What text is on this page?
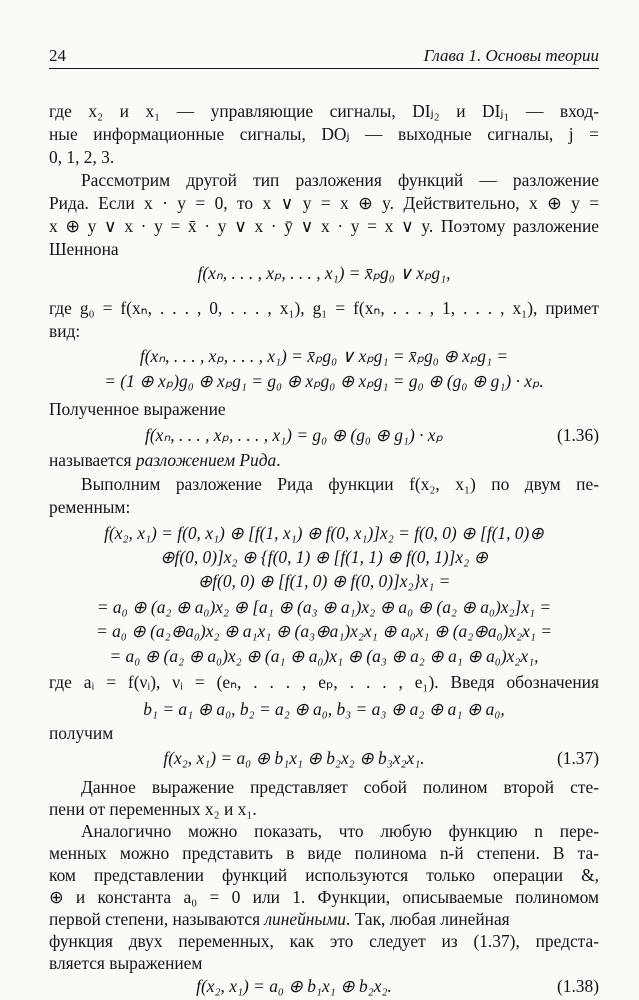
24	Глава 1. Основы теории

где x₂ и x₁ — управляющие сигналы, DIⱼ₂ и DIⱼ₁ — вход-

ные информационные сигналы, DOⱼ — выходные сигналы, j =

0, 1, 2, 3.

Рассмотрим другой тип разложения функций — разложение

Рида. Если x · y = 0, то x ∨ y = x ⊕ y. Действительно, x ⊕ y =

x ⊕ y ∨ x · y = x̄ · y ∨ x · ȳ ∨ x · y = x ∨ y. Поэтому разложение

Шеннона

f(xₙ, . . . , xₚ, . . . , x₁) = x̄ₚg₀ ∨ xₚg₁,

где g₀ = f(xₙ, . . . , 0, . . . , x₁), g₁ = f(xₙ, . . . , 1, . . . , x₁), примет

вид:

f(xₙ, . . . , xₚ, . . . , x₁) = x̄ₚg₀ ∨ xₚg₁ = x̄ₚg₀ ⊕ xₚg₁ =

= (1 ⊕ xₚ)g₀ ⊕ xₚg₁ = g₀ ⊕ xₚg₀ ⊕ xₚg₁ = g₀ ⊕ (g₀ ⊕ g₁) · xₚ.

Полученное выражение

f(xₙ, . . . , xₚ, . . . , x₁) = g₀ ⊕ (g₀ ⊕ g₁) · xₚ	(1.36)

называется разложением Рида.

Выполним разложение Рида функции f(x₂, x₁) по двум пе-

ременным:

f(x₂, x₁) = f(0, x₁) ⊕ [f(1, x₁) ⊕ f(0, x₁)]x₂ = f(0, 0) ⊕ [f(1, 0)⊕

⊕f(0, 0)]x₂ ⊕ {f(0, 1) ⊕ [f(1, 1) ⊕ f(0, 1)]x₂ ⊕

⊕f(0, 0) ⊕ [f(1, 0) ⊕ f(0, 0)]x₂}x₁ =

= a₀ ⊕ (a₂ ⊕ a₀)x₂ ⊕ [a₁ ⊕ (a₃ ⊕ a₁)x₂ ⊕ a₀ ⊕ (a₂ ⊕ a₀)x₂]x₁ =

= a₀ ⊕ (a₂⊕a₀)x₂ ⊕ a₁x₁ ⊕ (a₃⊕a₁)x₂x₁ ⊕ a₀x₁ ⊕ (a₂⊕a₀)x₂x₁ =

= a₀ ⊕ (a₂ ⊕ a₀)x₂ ⊕ (a₁ ⊕ a₀)x₁ ⊕ (a₃ ⊕ a₂ ⊕ a₁ ⊕ a₀)x₂x₁,

где aᵢ = f(νᵢ), νᵢ = (eₙ, . . . , eₚ, . . . , e₁). Введя обозначения

b₁ = a₁ ⊕ a₀, b₂ = a₂ ⊕ a₀, b₃ = a₃ ⊕ a₂ ⊕ a₁ ⊕ a₀,

получим

f(x₂, x₁) = a₀ ⊕ b₁x₁ ⊕ b₂x₂ ⊕ b₃x₂x₁.	(1.37)

Данное выражение представляет собой полином второй сте-

пени от переменных x₂ и x₁.

Аналогично можно показать, что любую функцию n пере-

менных можно представить в виде полинома n-й степени. В та-

ком представлении функций используются только операции &,

⊕ и константа a₀ = 0 или 1. Функции, описываемые полиномом

первой степени, называются линейными. Так, любая линейная

функция двух переменных, как это следует из (1.37), предста-

вляется выражением

f(x₂, x₁) = a₀ ⊕ b₁x₁ ⊕ b₂x₂.	(1.38)
